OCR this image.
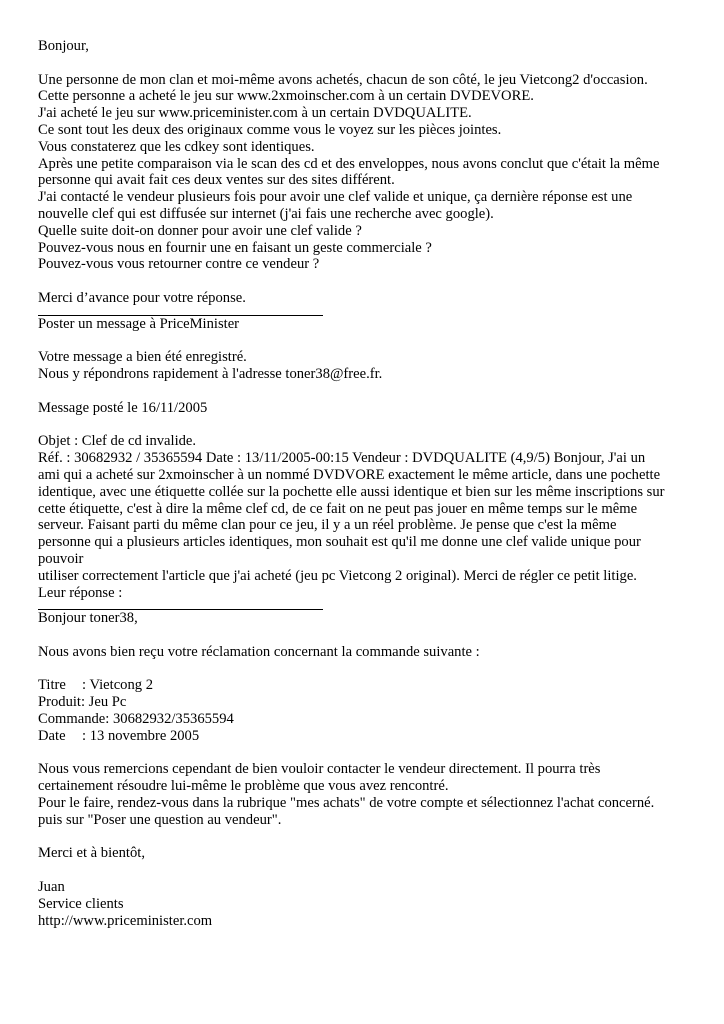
Bonjour,
Une personne de mon clan et moi-même avons achetés, chacun de son côté, le jeu Vietcong2 d'occasion.
Cette personne a acheté le jeu sur www.2xmoinscher.com à un certain DVDEVORE.
J'ai acheté le jeu sur www.priceminister.com à un certain DVDQUALITE.
Ce sont tout les deux des originaux comme vous le voyez sur les pièces jointes.
Vous constaterez que les cdkey sont identiques.
Après une petite comparaison via le scan des cd et des enveloppes, nous avons conclut que c'était la même
personne qui avait fait ces deux ventes sur des sites différent.
J'ai contacté le vendeur plusieurs fois pour avoir une clef valide et unique, ça dernière réponse est une
nouvelle clef qui est diffusée sur internet (j'ai fais une recherche avec google).
Quelle suite doit-on donner pour avoir une clef valide ?
Pouvez-vous nous en fournir une en faisant un geste commerciale ?
Pouvez-vous vous retourner contre ce vendeur ?
Merci d’avance pour votre réponse.
Poster un message à PriceMinister
Votre message a bien été enregistré.
Nous y répondrons rapidement à l'adresse toner38@free.fr.
Message posté le 16/11/2005
Objet : Clef de cd invalide.
Réf. : 30682932 / 35365594 Date : 13/11/2005-00:15 Vendeur : DVDQUALITE (4,9/5) Bonjour, J'ai un
ami qui a acheté sur 2xmoinscher à un nommé DVDVORE exactement le même article, dans une pochette
identique, avec une étiquette collée sur la pochette elle aussi identique et bien sur les même inscriptions sur
cette étiquette, c'est à dire la même clef cd, de ce fait on ne peut pas jouer en même temps sur le même
serveur. Faisant parti du même clan pour ce jeu, il y a un réel problème. Je pense que c'est la même
personne qui a plusieurs articles identiques, mon souhait est qu'il me donne une clef valide unique pour
pouvoir
utiliser correctement l'article que j'ai acheté (jeu pc Vietcong 2 original). Merci de régler ce petit litige.
Leur réponse :
Bonjour toner38,
Nous avons bien reçu votre réclamation concernant la commande suivante :
Titre : Vietcong 2
Produit: Jeu Pc
Commande: 30682932/35365594
Date : 13 novembre 2005
Nous vous remercions cependant de bien vouloir contacter le vendeur directement. Il pourra très
certainement résoudre lui-même le problème que vous avez rencontré.
Pour le faire, rendez-vous dans la rubrique "mes achats" de votre compte et sélectionnez l'achat concerné.
puis sur "Poser une question au vendeur".
Merci et à bientôt,
Juan
Service clients
http://www.priceminister.com
